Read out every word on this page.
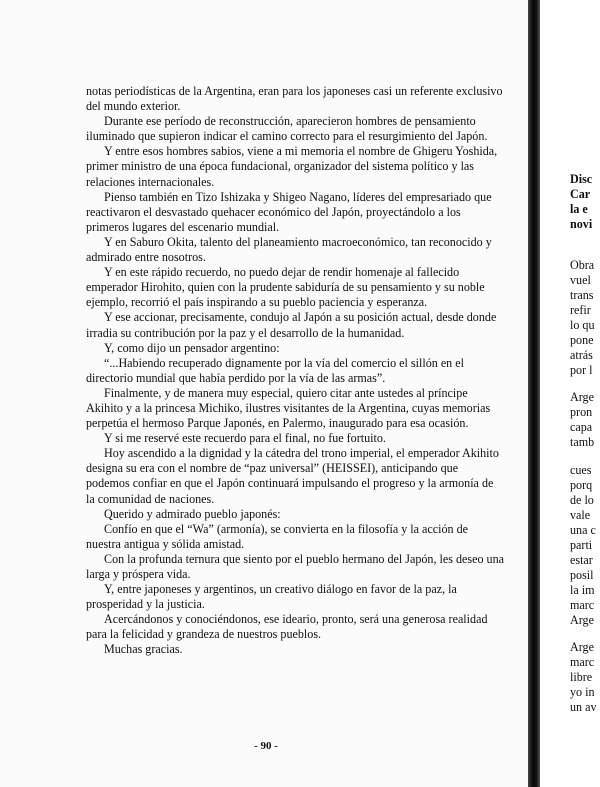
notas periodísticas de la Argentina, eran para los japoneses casi un referente exclusivo del mundo exterior.

Durante ese período de reconstrucción, aparecieron hombres de pensamiento iluminado que supieron indicar el camino correcto para el resurgimiento del Japón.

Y entre esos hombres sabios, viene a mi memoria el nombre de Ghigeru Yoshida, primer ministro de una época fundacional, organizador del sistema político y las relaciones internacionales.

Pienso también en Tizo Ishizaka y Shigeo Nagano, líderes del empresariado que reactivaron el desvastado quehacer económico del Japón, proyectándolo a los primeros lugares del escenario mundial.

Y en Saburo Okita, talento del planeamiento macroeconómico, tan reconocido y admirado entre nosotros.

Y en este rápido recuerdo, no puedo dejar de rendir homenaje al fallecido emperador Hirohito, quien con la prudente sabiduría de su pensamiento y su noble ejemplo, recorrió el país inspirando a su pueblo paciencia y esperanza.

Y ese accionar, precisamente, condujo al Japón a su posición actual, desde donde irradia su contribución por la paz y el desarrollo de la humanidad.

Y, como dijo un pensador argentino:

“...Habiendo recuperado dignamente por la vía del comercio el sillón en el directorio mundial que había perdido por la vía de las armas”.

Finalmente, y de manera muy especial, quiero citar ante ustedes al príncipe Akihito y a la princesa Michiko, ilustres visitantes de la Argentina, cuyas memorias perpetúa el hermoso Parque Japonés, en Palermo, inaugurado para esa ocasión.

Y si me reservé este recuerdo para el final, no fue fortuito.

Hoy ascendido a la dignidad y la cátedra del trono imperial, el emperador Akihito designa su era con el nombre de “paz universal” (HEISSEI), anticipando que podemos confiar en que el Japón continuará impulsando el progreso y la armonía de la comunidad de naciones.

Querido y admirado pueblo japonés:

Confío en que el “Wa” (armonía), se convierta en la filosofía y la acción de nuestra antigua y sólida amistad.

Con la profunda ternura que siento por el pueblo hermano del Japón, les deseo una larga y próspera vida.

Y, entre japoneses y argentinos, un creativo diálogo en favor de la paz, la prosperidad y la justicia.

Acercándonos y conociéndonos, ese ideario, pronto, será una generosa realidad para la felicidad y grandeza de nuestros pueblos.

Muchas gracias.

- 90 -
Disc
Car
la e
novi
Obra
vuel
trans
refir
lo qu
pone
atrás
por l
Arge
pron
capa
tamb
cues
porq
de lo
vale
una c
parti
estar
posil
la im
marc
Arge
Arge
marc
libre
yo in
un av
